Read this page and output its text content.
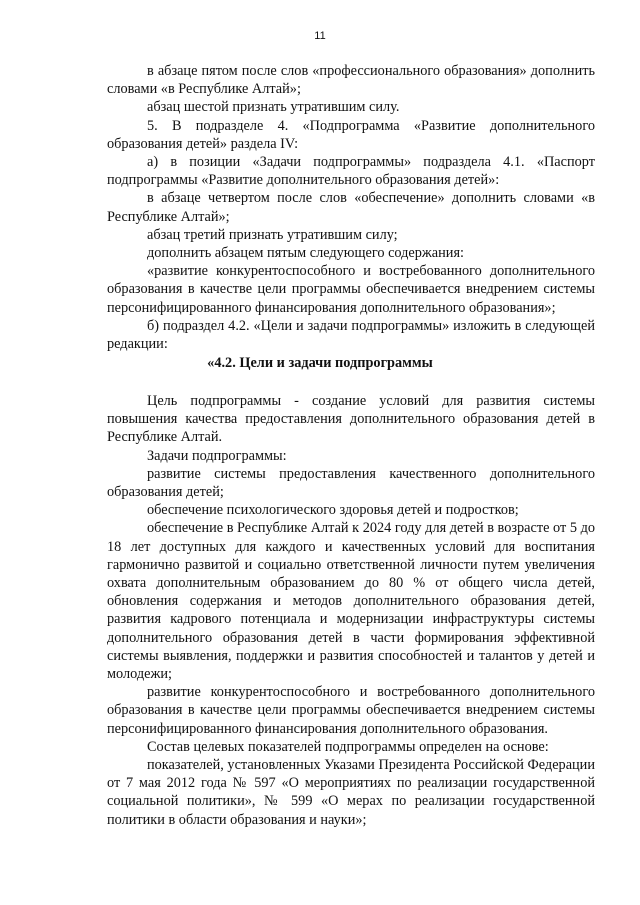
11

в абзаце пятом после слов «профессионального образования» дополнить словами «в Республике Алтай»;

абзац шестой признать утратившим силу.

5. В подразделе 4. «Подпрограмма «Развитие дополнительного образования детей» раздела IV:

а) в позиции «Задачи подпрограммы» подраздела 4.1. «Паспорт подпрограммы «Развитие дополнительного образования детей»:

в абзаце четвертом после слов «обеспечение» дополнить словами «в Республике Алтай»;

абзац третий признать утратившим силу;

дополнить абзацем пятым следующего содержания:

«развитие конкурентоспособного и востребованного дополнительного образования в качестве цели программы обеспечивается внедрением системы персонифицированного финансирования дополнительного образования»;

б) подраздел 4.2. «Цели и задачи подпрограммы» изложить в следующей редакции:

«4.2. Цели и задачи подпрограммы

Цель подпрограммы - создание условий для развития системы повышения качества предоставления дополнительного образования детей в Республике Алтай.

Задачи подпрограммы:

развитие системы предоставления качественного дополнительного образования детей;

обеспечение психологического здоровья детей и подростков;

обеспечение в Республике Алтай к 2024 году для детей в возрасте от 5 до 18 лет доступных для каждого и качественных условий для воспитания гармонично развитой и социально ответственной личности путем увеличения охвата дополнительным образованием до 80 % от общего числа детей, обновления содержания и методов дополнительного образования детей, развития кадрового потенциала и модернизации инфраструктуры системы дополнительного образования детей в части формирования эффективной системы выявления, поддержки и развития способностей и талантов у детей и молодежи;

развитие конкурентоспособного и востребованного дополнительного образования в качестве цели программы обеспечивается внедрением системы персонифицированного финансирования дополнительного образования.

Состав целевых показателей подпрограммы определен на основе:

показателей, установленных Указами Президента Российской Федерации от 7 мая 2012 года № 597 «О мероприятиях по реализации государственной социальной политики», № 599 «О мерах по реализации государственной политики в области образования и науки»;
